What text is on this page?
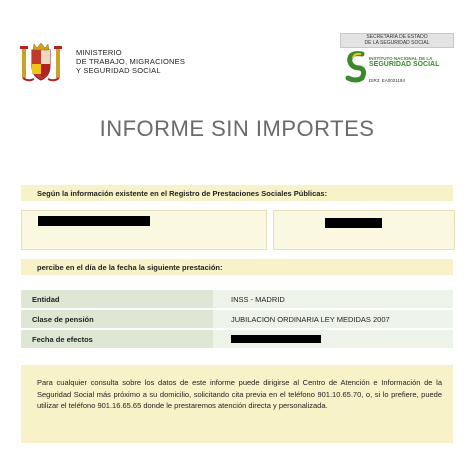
MINISTERIO
DE TRABAJO, MIGRACIONES
Y SEGURIDAD SOCIAL
SECRETARÍA DE ESTADO
DE LA SEGURIDAD SOCIAL
INSTITUTO NACIONAL DE LA
SEGURIDAD SOCIAL
DIR3: EA0021194
INFORME SIN IMPORTES
Según la información existente en el Registro de Prestaciones Sociales Públicas:
percibe en el día de la fecha la siguiente prestación:
Entidad	INSS - MADRID
Clase de pensión	JUBILACION ORDINARIA LEY MEDIDAS 2007
Fecha de efectos

Para cualquier consulta sobre los datos de este informe puede dirigirse al Centro de Atención e Información de la Seguridad Social más próximo a su domicilio, solicitando cita previa en el teléfono 901.10.65.70, o, si lo prefiere, puede utilizar el teléfono 901.16.65.65 donde le prestaremos atención directa y personalizada.
